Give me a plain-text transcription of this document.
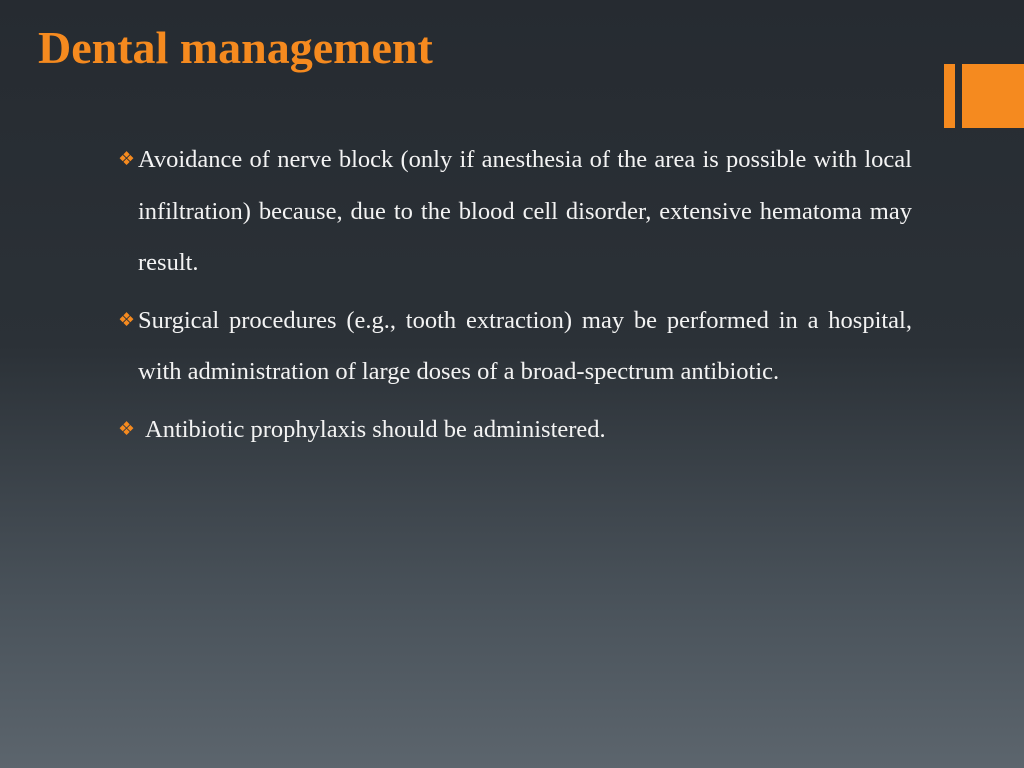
Dental management
❖ Avoidance of nerve block (only if anesthesia of the area is possible with local infiltration) because, due to the blood cell disorder, extensive hematoma may result.
❖ Surgical procedures (e.g., tooth extraction) may be performed in a hospital, with administration of large doses of a broad-spectrum antibiotic.
❖ Antibiotic prophylaxis should be administered.
